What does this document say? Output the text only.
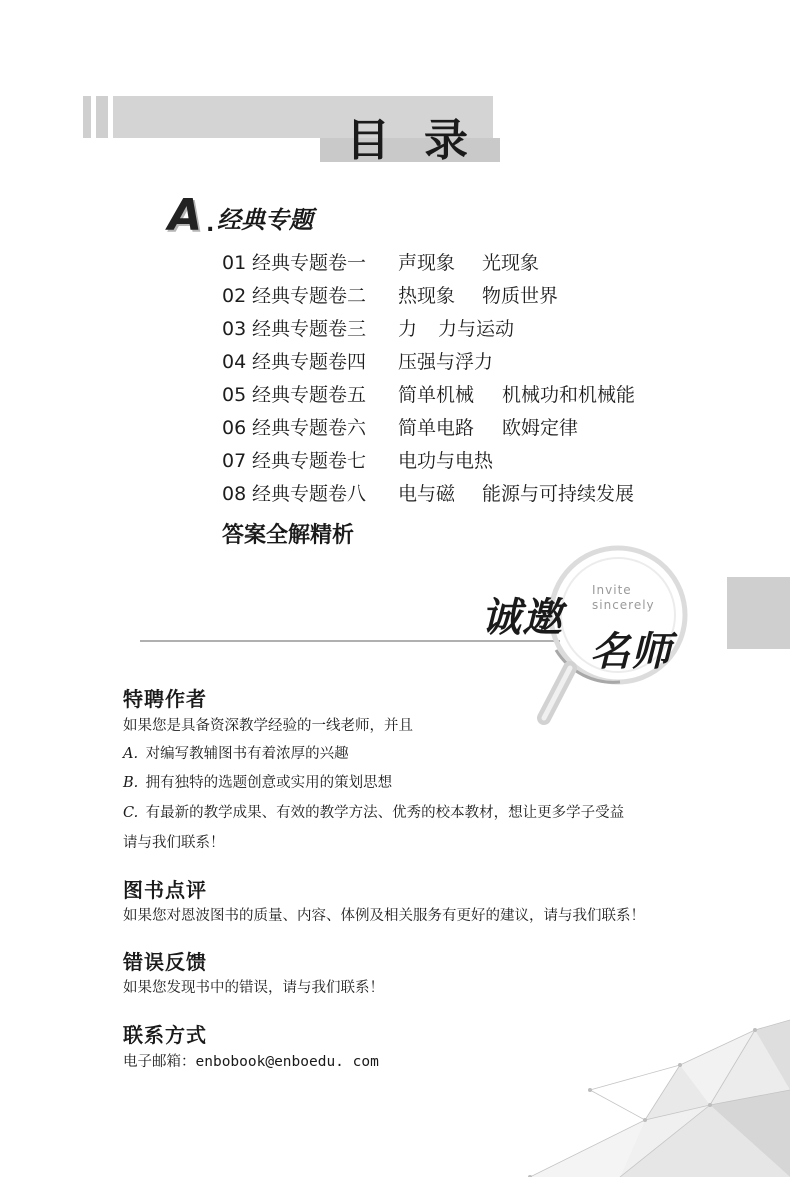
目录
A . 经典专题
01 经典专题卷一 声现象 光现象
02 经典专题卷二 热现象 物质世界
03 经典专题卷三 力 力与运动
04 经典专题卷四 压强与浮力
05 经典专题卷五 简单机械 机械功和机械能
06 经典专题卷六 简单电路 欧姆定律
07 经典专题卷七 电功与电热
08 经典专题卷八 电与磁 能源与可持续发展
答案全解精析
Invite
sincerely
诚邀
名师
特聘作者
如果您是具备资深教学经验的一线老师，并且
A. 对编写教辅图书有着浓厚的兴趣
B. 拥有独特的选题创意或实用的策划思想
C. 有最新的教学成果、有效的教学方法、优秀的校本教材，想让更多学子受益
请与我们联系！
图书点评
如果您对恩波图书的质量、内容、体例及相关服务有更好的建议，请与我们联系！
错误反馈
如果您发现书中的错误，请与我们联系！
联系方式
电子邮箱：enbobook@enboedu. com
